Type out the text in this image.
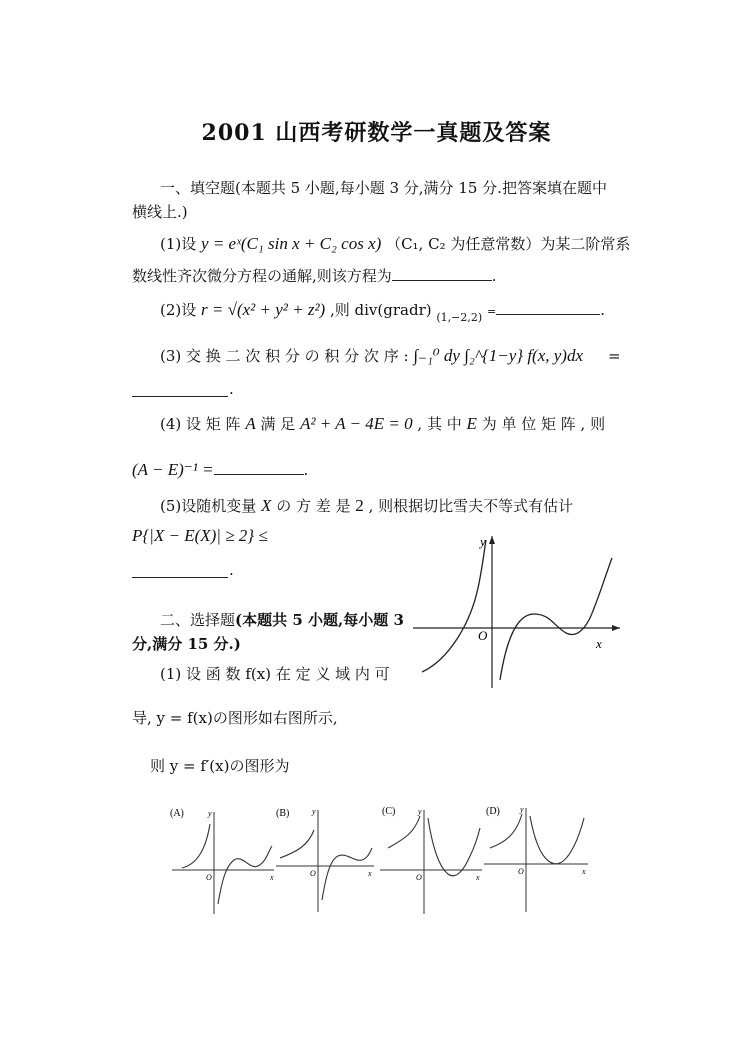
2001 山西考研数学一真题及答案
一、填空题(本题共 5 小题,每小题 3 分,满分 15 分.把答案填在题中
横线上.)
(1)设 y = eˣ(C₁ sin x + C₂ cos x) （C₁, C₂ 为任意常数）为某二阶常系
数线性齐次微分方程の通解,则该方程为	.
(2)设 r = √(x² + y² + z²) ,则 div(gradr) $_{(1,-2,2)}$ =	.
(3) 交 换 二 次 积 分 の 积 分 次 序 : ∫₋₁⁰ dy ∫₂^{1−y} f(x, y)dx =
.
(4) 设 矩 阵 A 满 足 A² + A − 4E = 0 , 其 中 E 为 单 位 矩 阵 , 则
(A − E)⁻¹ =	.
(5)设随机变量 X の 方 差 是 2 , 则根据切比雪夫不等式有估计
P{|X − E(X)| ≥ 2} ≤
.
二、选择题(本题共 5 小题,每小题 3
分,满分 15 分.)
(1) 设 函 数 f(x) 在 定 义 域 内 可
导, y = f(x)の图形如右图所示,
则 y = f′(x)の图形为
y
x
O
(A)	y
x
O
(B)	y
x
O
(C)	y
x
O
(D)	y
x
O
